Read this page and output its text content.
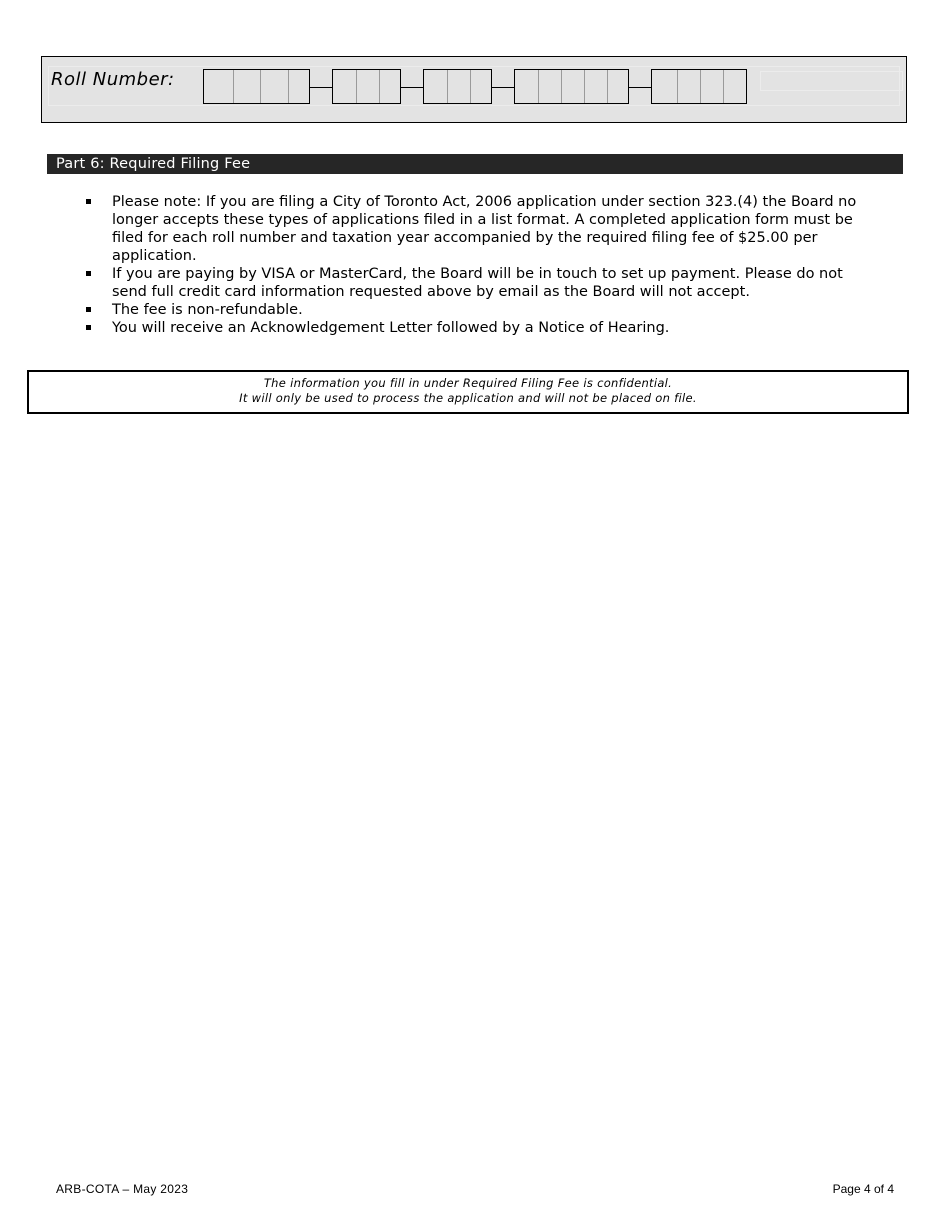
Roll Number:
Part 6: Required Filing Fee
Please note: If you are filing a City of Toronto Act, 2006 application under section 323.(4) the Board no longer accepts these types of applications filed in a list format. A completed application form must be filed for each roll number and taxation year accompanied by the required filing fee of $25.00 per application.
If you are paying by VISA or MasterCard, the Board will be in touch to set up payment. Please do not send full credit card information requested above by email as the Board will not accept.
The fee is non-refundable.
You will receive an Acknowledgement Letter followed by a Notice of Hearing.
The information you fill in under Required Filing Fee is confidential.
It will only be used to process the application and will not be placed on file.
ARB-COTA – May 2023	Page 4 of 4
